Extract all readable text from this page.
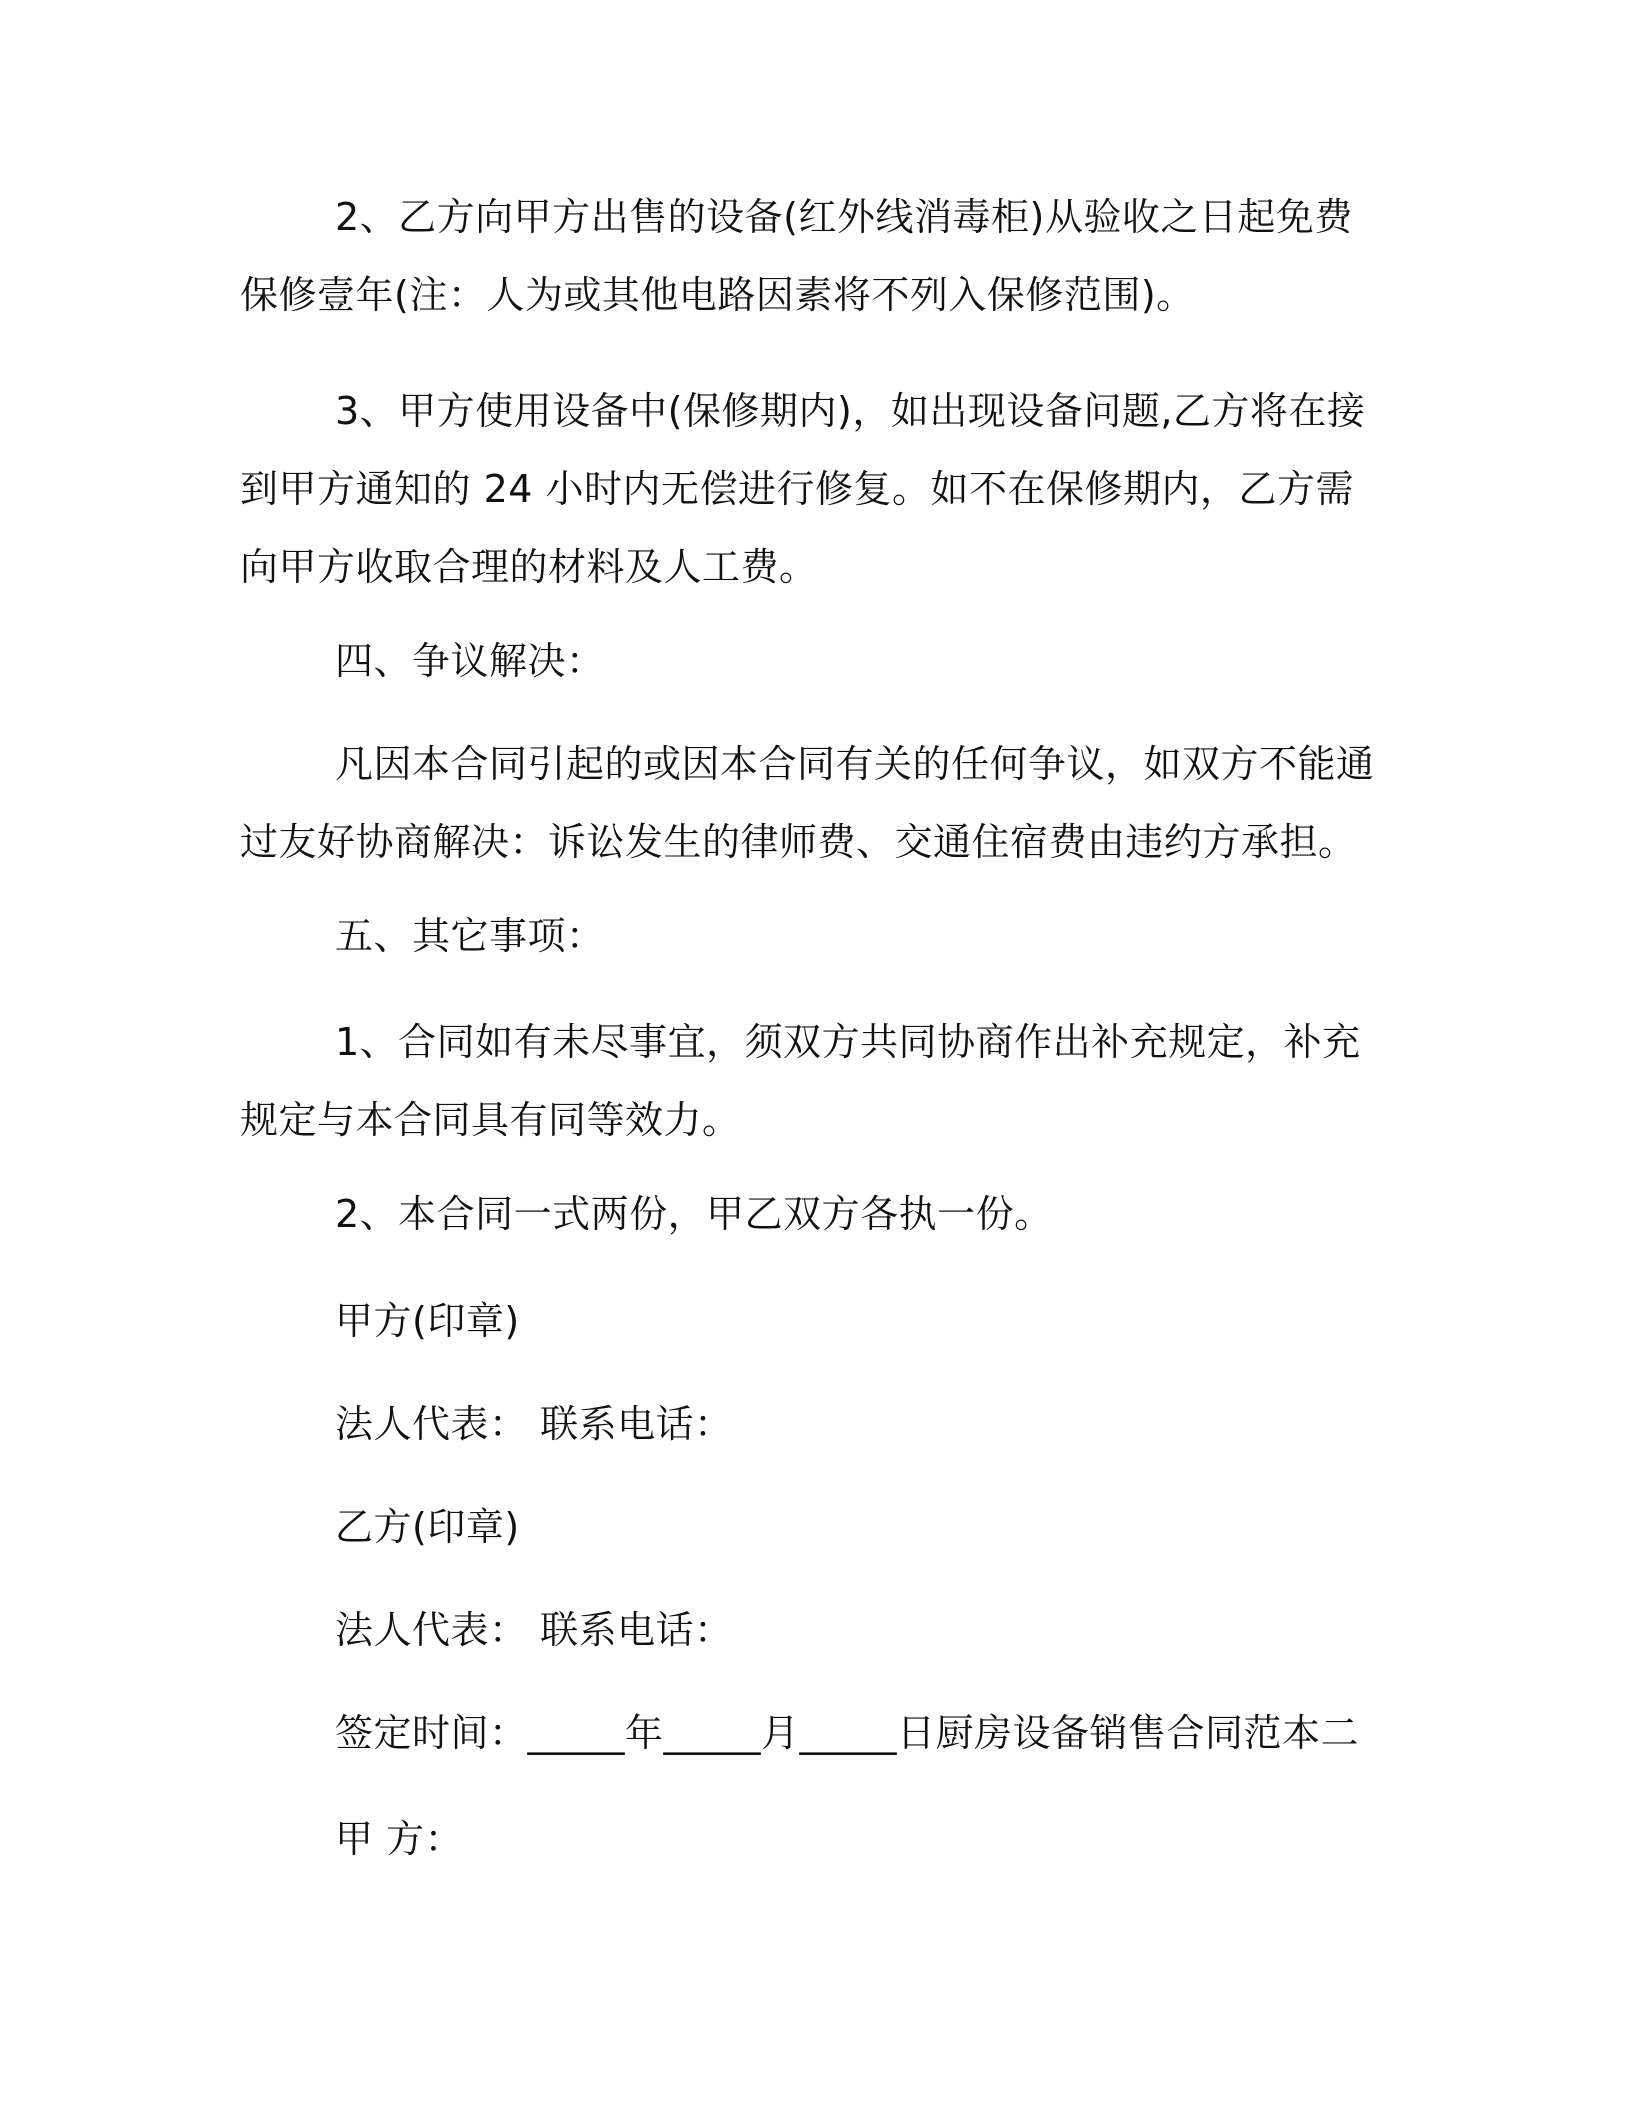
2、乙方向甲方出售的设备(红外线消毒柜)从验收之日起免费保修壹年(注：人为或其他电路因素将不列入保修范围)。

3、甲方使用设备中(保修期内)，如出现设备问题,乙方将在接到甲方通知的 24 小时内无偿进行修复。如不在保修期内，乙方需向甲方收取合理的材料及人工费。

四、争议解决：

凡因本合同引起的或因本合同有关的任何争议，如双方不能通过友好协商解决：诉讼发生的律师费、交通住宿费由违约方承担。

五、其它事项：

1、合同如有未尽事宜，须双方共同协商作出补充规定，补充规定与本合同具有同等效力。

2、本合同一式两份，甲乙双方各执一份。

甲方(印章)

法人代表： 联系电话：

乙方(印章)

法人代表： 联系电话：

签定时间：_____年_____月_____日厨房设备销售合同范本二

甲 方：
